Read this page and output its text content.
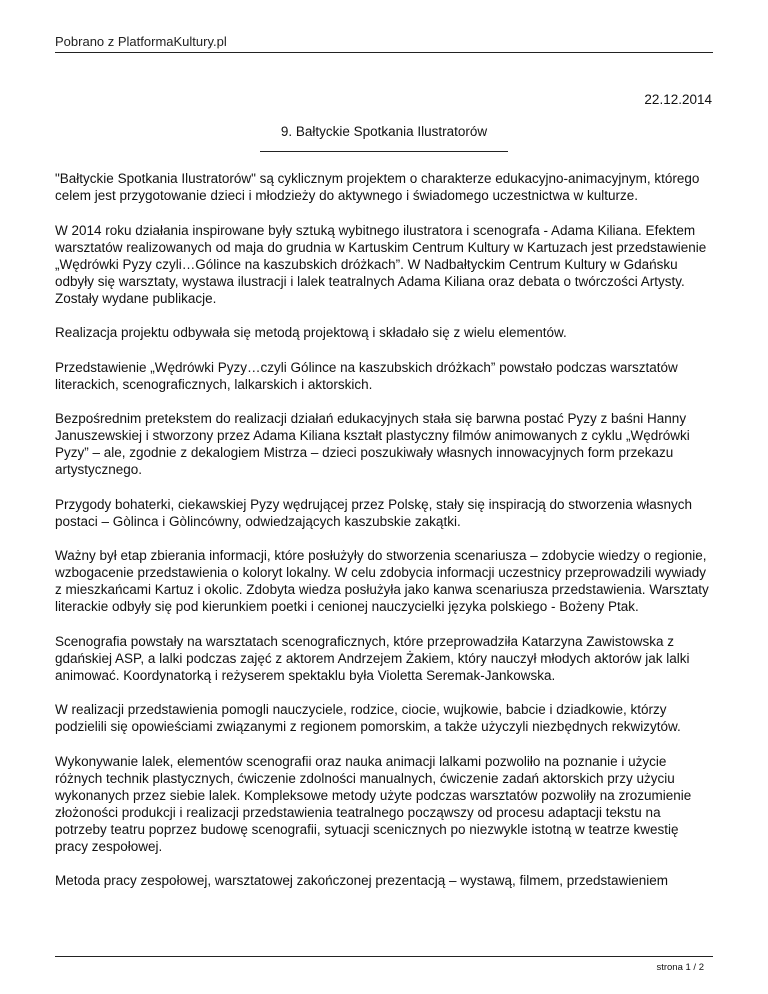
Pobrano z PlatformaKultury.pl
22.12.2014
9. Bałtyckie Spotkania Ilustratorów

"Bałtyckie Spotkania Ilustratorów" są cyklicznym projektem o charakterze edukacyjno-animacyjnym, którego celem jest przygotowanie dzieci i młodzieży do aktywnego i świadomego uczestnictwa w kulturze.

W 2014 roku działania inspirowane były sztuką wybitnego ilustratora i scenografa - Adama Kiliana. Efektem warsztatów realizowanych od maja do grudnia w Kartuskim Centrum Kultury w Kartuzach jest przedstawienie „Wędrówki Pyzy czyli…Gólince na kaszubskich dróżkach”. W Nadbałtyckim Centrum Kultury w Gdańsku odbyły się warsztaty, wystawa ilustracji i lalek teatralnych Adama Kiliana oraz debata o twórczości Artysty. Zostały wydane publikacje.

Realizacja projektu odbywała się metodą projektową i składało się z wielu elementów.

Przedstawienie „Wędrówki Pyzy…czyli Gólince na kaszubskich dróżkach” powstało podczas warsztatów literackich, scenograficznych, lalkarskich i aktorskich.

Bezpośrednim pretekstem do realizacji działań edukacyjnych stała się barwna postać Pyzy z baśni Hanny Januszewskiej i stworzony przez Adama Kiliana kształt plastyczny filmów animowanych z cyklu „Wędrówki Pyzy” – ale, zgodnie z dekalogiem Mistrza – dzieci poszukiwały własnych innowacyjnych form przekazu artystycznego.

Przygody bohaterki, ciekawskiej Pyzy wędrującej przez Polskę, stały się inspiracją do stworzenia własnych postaci – Gòlinca i Gòlincówny, odwiedzających kaszubskie zakątki.

Ważny był etap zbierania informacji, które posłużyły do stworzenia scenariusza – zdobycie wiedzy o regionie, wzbogacenie przedstawienia o koloryt lokalny. W celu zdobycia informacji uczestnicy przeprowadzili wywiady z mieszkańcami Kartuz i okolic. Zdobyta wiedza posłużyła jako kanwa scenariusza przedstawienia. Warsztaty literackie odbyły się pod kierunkiem poetki i cenionej nauczycielki języka polskiego - Bożeny Ptak.

Scenografia powstały na warsztatach scenograficznych, które przeprowadziła Katarzyna Zawistowska z gdańskiej ASP, a lalki podczas zajęć z aktorem Andrzejem Żakiem, który nauczył młodych aktorów jak lalki animować. Koordynatorką i reżyserem spektaklu była Violetta Seremak-Jankowska.

W realizacji przedstawienia pomogli nauczyciele, rodzice, ciocie, wujkowie, babcie i dziadkowie, którzy podzielili się opowieściami związanymi z regionem pomorskim, a także użyczyli niezbędnych rekwizytów.

Wykonywanie lalek, elementów scenografii oraz nauka animacji lalkami pozwoliło na poznanie i użycie różnych technik plastycznych, ćwiczenie zdolności manualnych, ćwiczenie zadań aktorskich przy użyciu wykonanych przez siebie lalek. Kompleksowe metody użyte podczas warsztatów pozwoliły na zrozumienie złożoności produkcji i realizacji przedstawienia teatralnego począwszy od procesu adaptacji tekstu na potrzeby teatru poprzez budowę scenografii, sytuacji scenicznych po niezwykle istotną w teatrze kwestię pracy zespołowej.

Metoda pracy zespołowej, warsztatowej zakończonej prezentacją – wystawą, filmem, przedstawieniem

strona 1 / 2
